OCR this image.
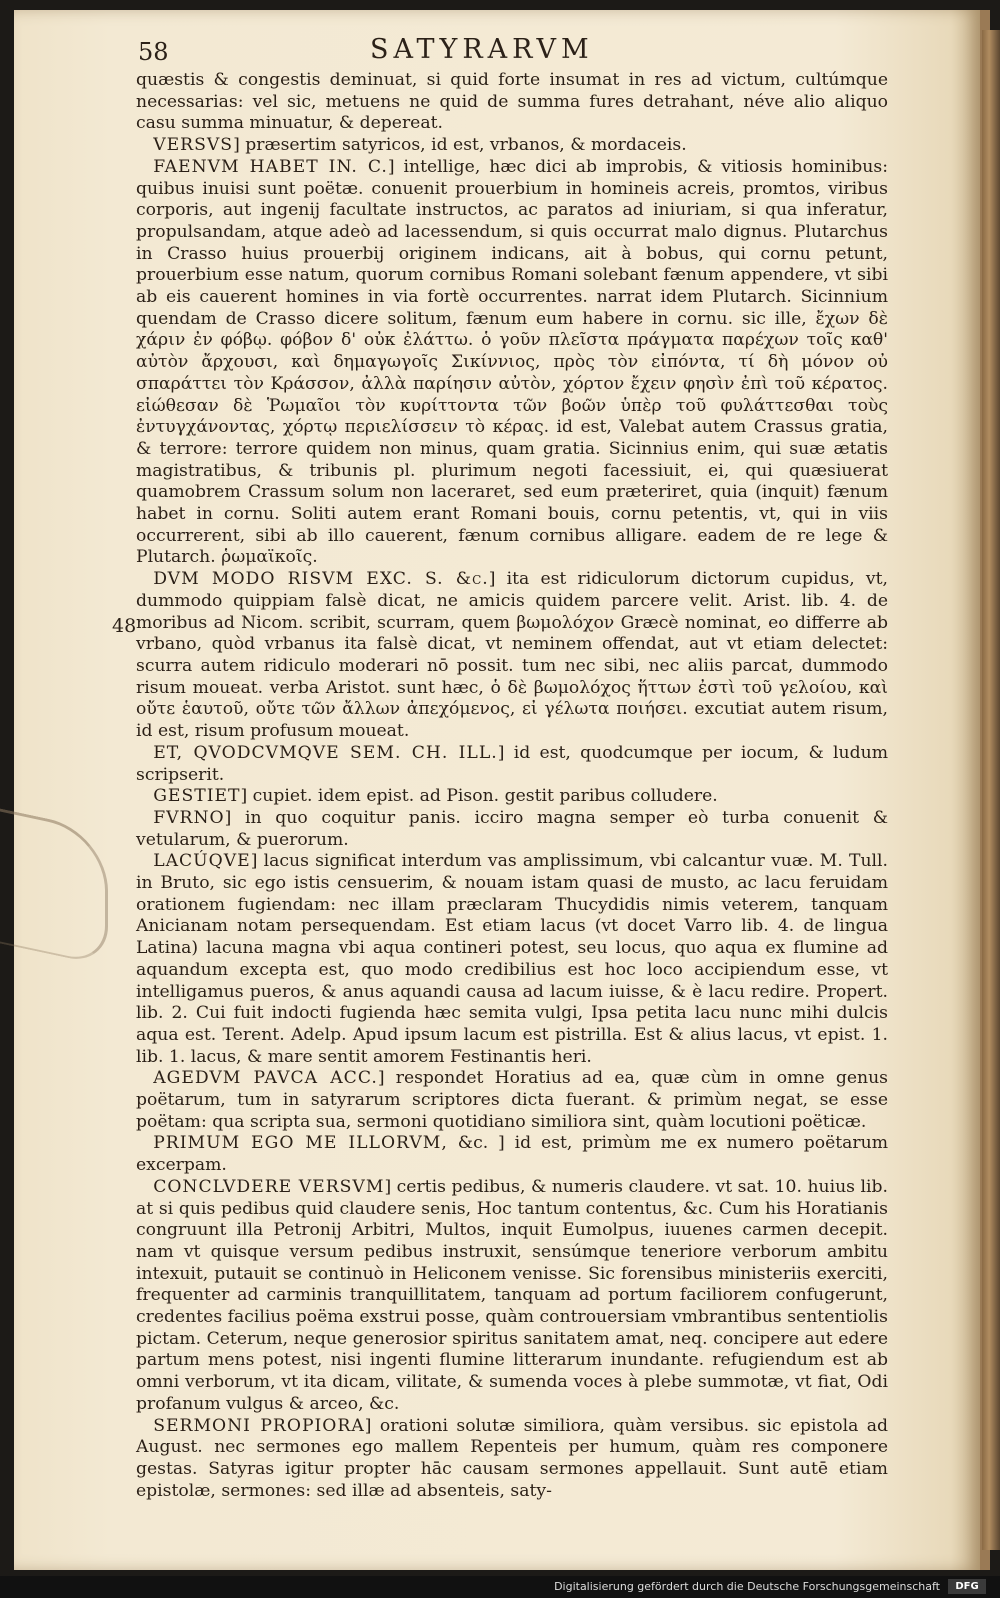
58	SATYRARVM
48

quæstis & congestis deminuat, si quid forte insumat in res ad victum, cultúmque necessarias: vel sic, metuens ne quid de summa fures detrahant, néve alio aliquo casu summa minuatur, & depereat.

 VERSVS] præsertim satyricos, id est, vrbanos, & mordaceis.

 FAENVM HABET IN. C.] intellige, hæc dici ab improbis, & vitiosis hominibus: quibus inuisi sunt poëtæ. conuenit prouerbium in homineis acreis, promtos, viribus corporis, aut ingenij facultate instructos, ac paratos ad iniuriam, si qua inferatur, propulsandam, atque adeò ad lacessendum, si quis occurrat malo dignus. Plutarchus in Crasso huius prouerbij originem indicans, ait à bobus, qui cornu petunt, prouerbium esse natum, quorum cornibus Romani solebant fænum appendere, vt sibi ab eis cauerent homines in via fortè occurrentes. narrat idem Plutarch. Sicinnium quendam de Crasso dicere solitum, fænum eum habere in cornu. sic ille, ἔχων δὲ χάριν ἐν φόβῳ. φόβον δ' οὐκ ἐλάττω. ὁ γοῦν πλεῖστα πράγματα παρέχων τοῖς καθ' αὐτὸν ἄρχουσι, καὶ δημαγωγοῖς Σικίννιος, πρὸς τὸν εἰπόντα, τί δὴ μόνον οὐ σπαράττει τὸν Κράσσον, ἀλλὰ παρίησιν αὐτὸν, χόρτον ἔχειν φησὶν ἐπὶ τοῦ κέρατος. εἰώθεσαν δὲ Ῥωμαῖοι τὸν κυρίττοντα τῶν βοῶν ὑπὲρ τοῦ φυλάττεσθαι τοὺς ἐντυγχάνοντας, χόρτῳ περιελίσσειν τὸ κέρας. id est, Valebat autem Crassus gratia, & terrore: terrore quidem non minus, quam gratia. Sicinnius enim, qui suæ ætatis magistratibus, & tribunis pl. plurimum negoti facessiuit, ei, qui quæsiuerat quamobrem Crassum solum non laceraret, sed eum præteriret, quia (inquit) fænum habet in cornu. Soliti autem erant Romani bouis, cornu petentis, vt, qui in viis occurrerent, sibi ab illo cauerent, fænum cornibus alligare. eadem de re lege & Plutarch. ῥωμαϊκοῖς.

 DVM MODO RISVM EXC. S. &c.] ita est ridiculorum dictorum cupidus, vt, dummodo quippiam falsè dicat, ne amicis quidem parcere velit. Arist. lib. 4. de moribus ad Nicom. scribit, scurram, quem βωμολόχον Græcè nominat, eo differre ab vrbano, quòd vrbanus ita falsè dicat, vt neminem offendat, aut vt etiam delectet: scurra autem ridiculo moderari nō possit. tum nec sibi, nec aliis parcat, dummodo risum moueat. verba Aristot. sunt hæc, ὁ δὲ βωμολόχος ἥττων ἐστὶ τοῦ γελοίου, καὶ οὔτε ἑαυτοῦ, οὔτε τῶν ἄλλων ἀπεχόμενος, εἰ γέλωτα ποιήσει. excutiat autem risum, id est, risum profusum moueat.

 ET, QVODCVMQVE SEM. CH. ILL.] id est, quodcumque per iocum, & ludum scripserit.

 GESTIET] cupiet. idem epist. ad Pison. gestit paribus colludere.

 FVRNO] in quo coquitur panis. icciro magna semper eò turba conuenit & vetularum, & puerorum.

 LACÚQVE] lacus significat interdum vas amplissimum, vbi calcantur vuæ. M. Tull. in Bruto, sic ego istis censuerim, & nouam istam quasi de musto, ac lacu feruidam orationem fugiendam: nec illam præclaram Thucydidis nimis veterem, tanquam Anicianam notam persequendam. Est etiam lacus (vt docet Varro lib. 4. de lingua Latina) lacuna magna vbi aqua contineri potest, seu locus, quo aqua ex flumine ad aquandum excepta est, quo modo credibilius est hoc loco accipiendum esse, vt intelligamus pueros, & anus aquandi causa ad lacum iuisse, & è lacu redire. Propert. lib. 2. Cui fuit indocti fugienda hæc semita vulgi, Ipsa petita lacu nunc mihi dulcis aqua est. Terent. Adelp. Apud ipsum lacum est pistrilla. Est & alius lacus, vt epist. 1. lib. 1. lacus, & mare sentit amorem Festinantis heri.

 AGEDVM PAVCA ACC.] respondet Horatius ad ea, quæ cùm in omne genus poëtarum, tum in satyrarum scriptores dicta fuerant. & primùm negat, se esse poëtam: qua scripta sua, sermoni quotidiano similiora sint, quàm locutioni poëticæ.

 PRIMUM EGO ME ILLORVM, &c. ] id est, primùm me ex numero poëtarum excerpam.

 CONCLVDERE VERSVM] certis pedibus, & numeris claudere. vt sat. 10. huius lib. at si quis pedibus quid claudere senis, Hoc tantum contentus, &c. Cum his Horatianis congruunt illa Petronij Arbitri, Multos, inquit Eumolpus, iuuenes carmen decepit. nam vt quisque versum pedibus instruxit, sensúmque teneriore verborum ambitu intexuit, putauit se continuò in Heliconem venisse. Sic forensibus ministeriis exerciti, frequenter ad carminis tranquillitatem, tanquam ad portum faciliorem confugerunt, credentes facilius poëma exstrui posse, quàm controuersiam vmbrantibus sententiolis pictam. Ceterum, neque generosior spiritus sanitatem amat, neq. concipere aut edere partum mens potest, nisi ingenti flumine litterarum inundante. refugiendum est ab omni verborum, vt ita dicam, vilitate, & sumenda voces à plebe summotæ, vt fiat, Odi profanum vulgus & arceo, &c.

 SERMONI PROPIORA] orationi solutæ similiora, quàm versibus. sic epistola ad August. nec sermones ego mallem Repenteis per humum, quàm res componere gestas. Satyras igitur propter hāc causam sermones appellauit. Sunt autē etiam epistolæ, sermones: sed illæ ad absenteis, saty-

Digitalisierung gefördert durch die Deutsche Forschungsgemeinschaft	DFG
